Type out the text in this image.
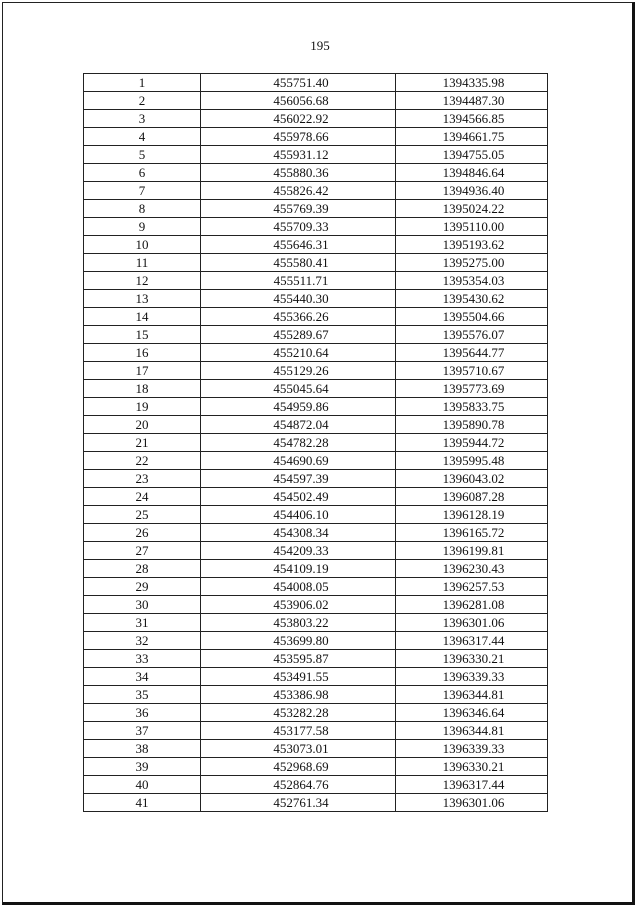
195
1	455751.40	1394335.98
2	456056.68	1394487.30
3	456022.92	1394566.85
4	455978.66	1394661.75
5	455931.12	1394755.05
6	455880.36	1394846.64
7	455826.42	1394936.40
8	455769.39	1395024.22
9	455709.33	1395110.00
10	455646.31	1395193.62
11	455580.41	1395275.00
12	455511.71	1395354.03
13	455440.30	1395430.62
14	455366.26	1395504.66
15	455289.67	1395576.07
16	455210.64	1395644.77
17	455129.26	1395710.67
18	455045.64	1395773.69
19	454959.86	1395833.75
20	454872.04	1395890.78
21	454782.28	1395944.72
22	454690.69	1395995.48
23	454597.39	1396043.02
24	454502.49	1396087.28
25	454406.10	1396128.19
26	454308.34	1396165.72
27	454209.33	1396199.81
28	454109.19	1396230.43
29	454008.05	1396257.53
30	453906.02	1396281.08
31	453803.22	1396301.06
32	453699.80	1396317.44
33	453595.87	1396330.21
34	453491.55	1396339.33
35	453386.98	1396344.81
36	453282.28	1396346.64
37	453177.58	1396344.81
38	453073.01	1396339.33
39	452968.69	1396330.21
40	452864.76	1396317.44
41	452761.34	1396301.06
